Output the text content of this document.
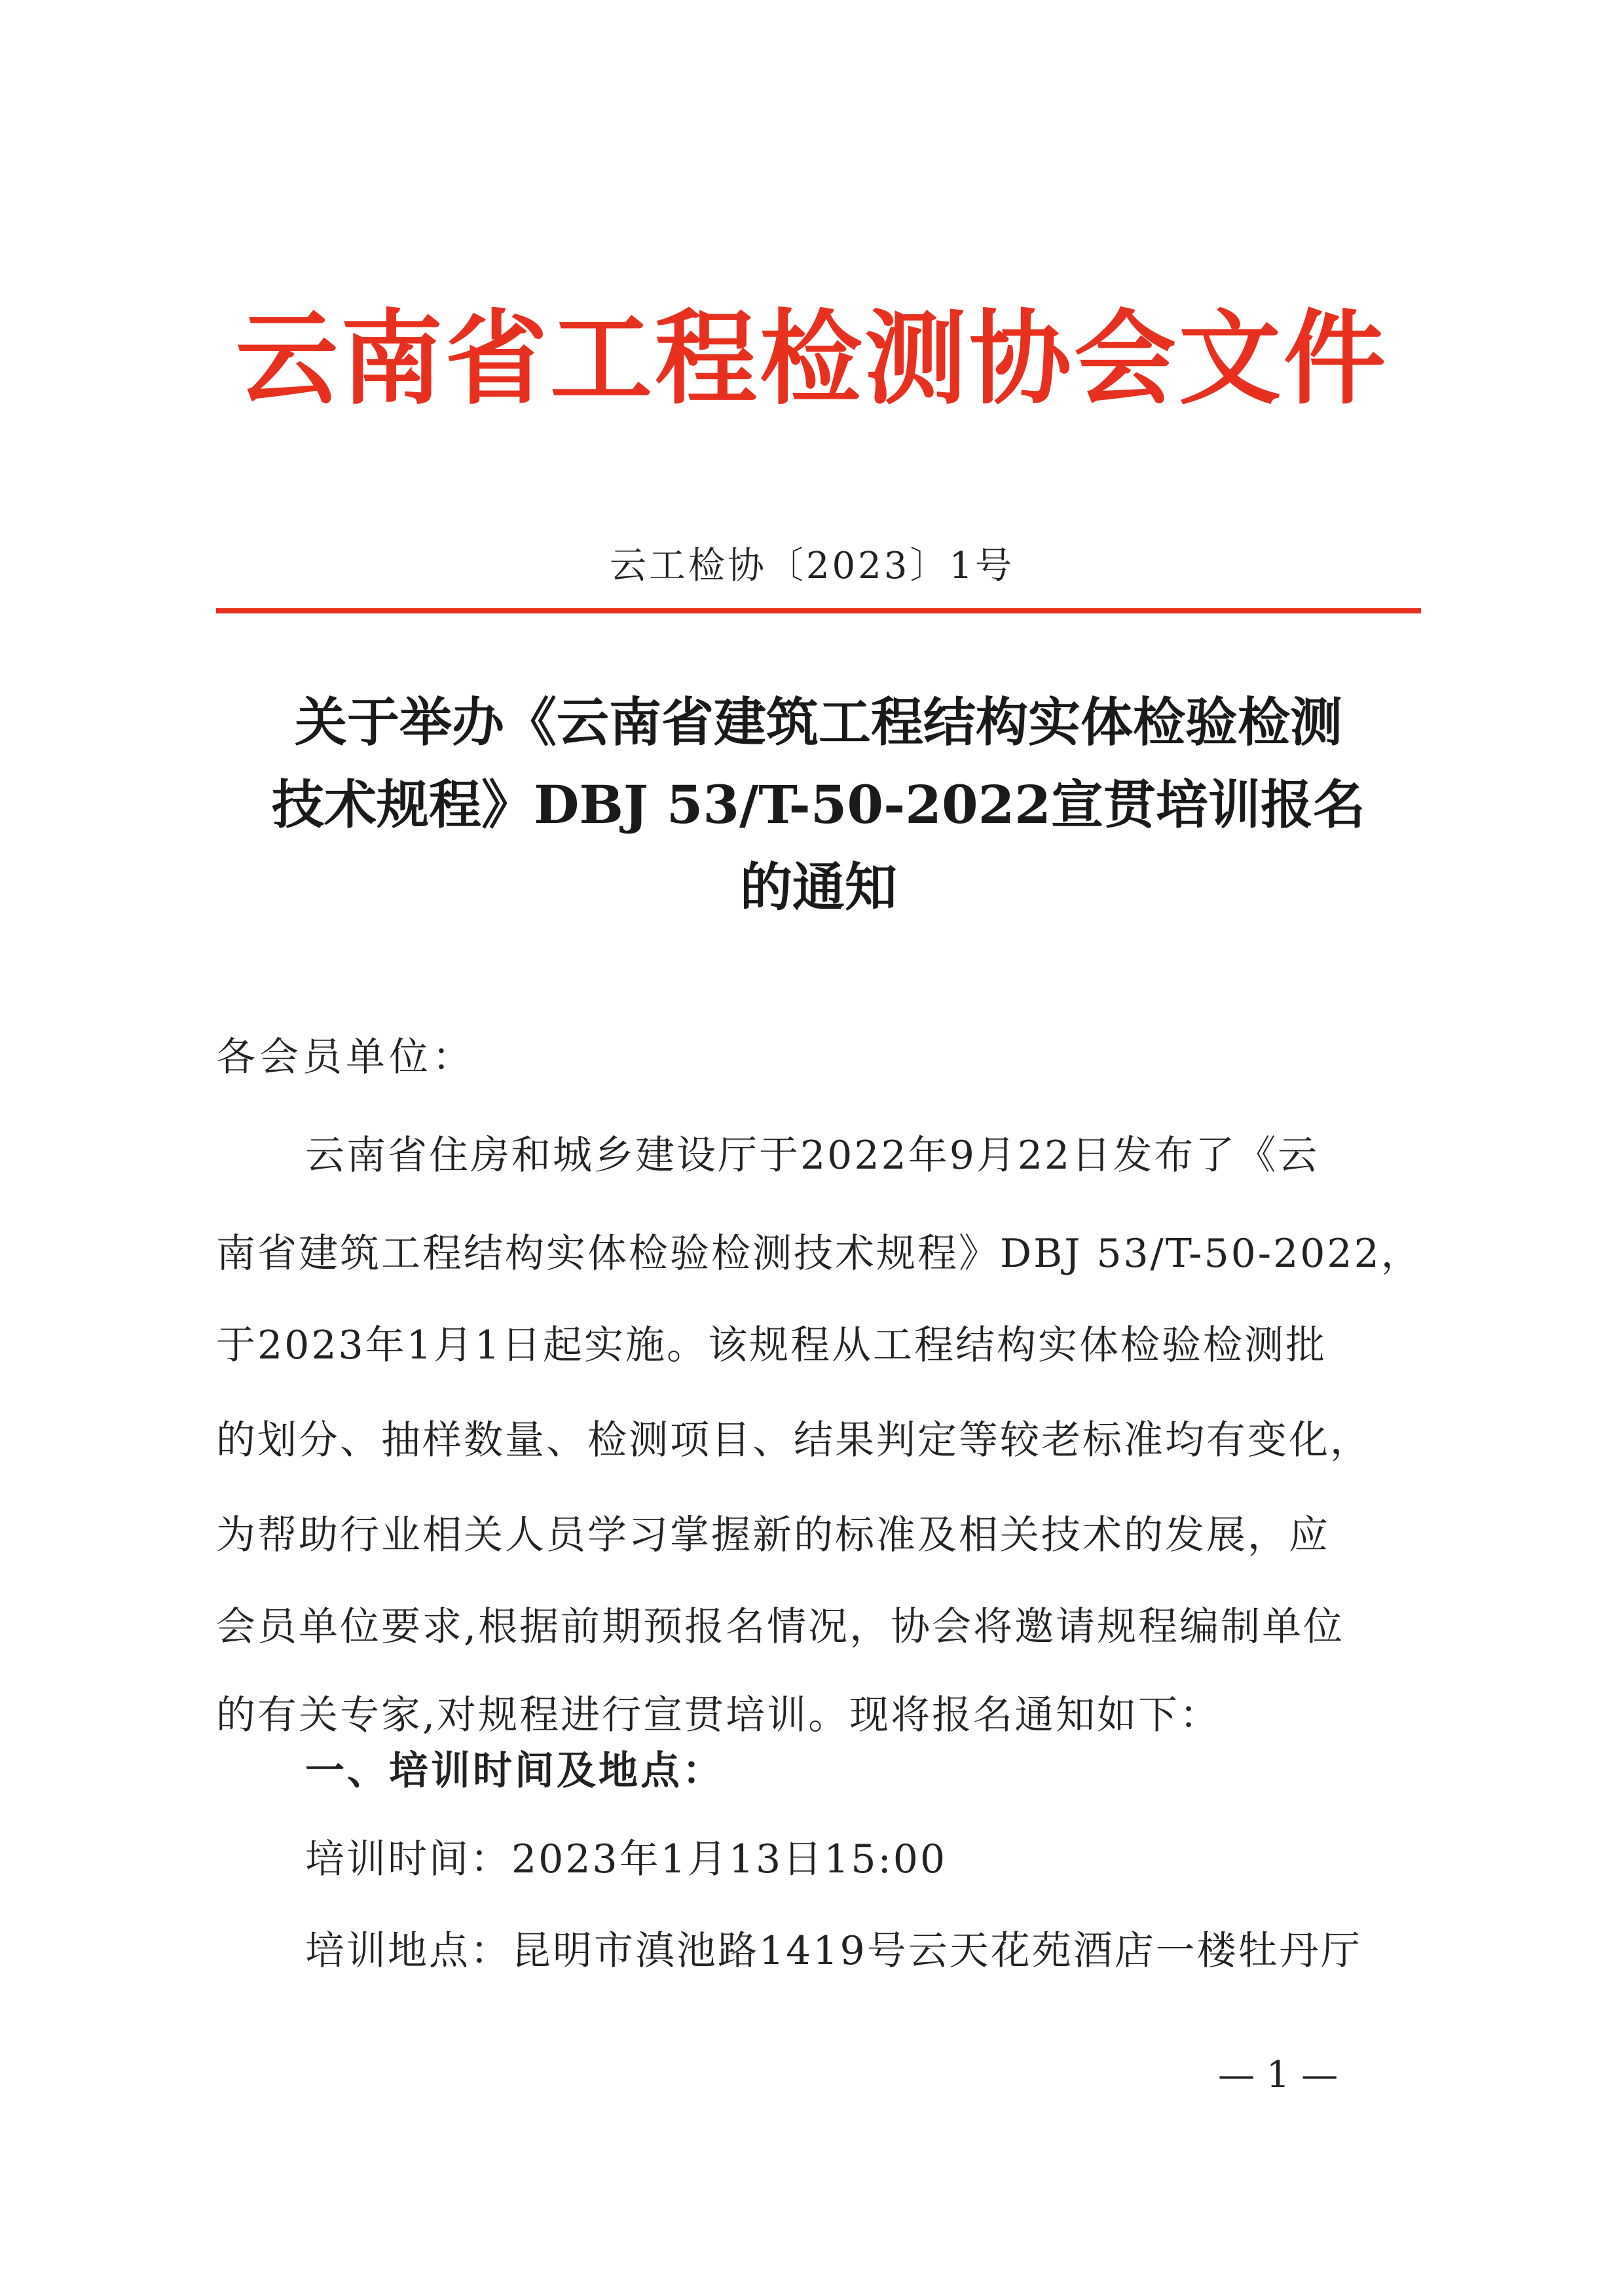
云南省工程检测协会文件
云工检协〔2023〕1号
关于举办《云南省建筑工程结构实体检验检测
技术规程》DBJ 53/T-50-2022宣贯培训报名
的通知
各会员单位：
云南省住房和城乡建设厅于2022年9月22日发布了《云
南省建筑工程结构实体检验检测技术规程》DBJ 53/T-50-2022，
于2023年1月1日起实施。该规程从工程结构实体检验检测批
的划分、抽样数量、检测项目、结果判定等较老标准均有变化，
为帮助行业相关人员学习掌握新的标准及相关技术的发展，应
会员单位要求,根据前期预报名情况，协会将邀请规程编制单位
的有关专家,对规程进行宣贯培训。现将报名通知如下：
一、培训时间及地点：
培训时间：2023年1月13日15:00
培训地点：昆明市滇池路1419号云天花苑酒店一楼牡丹厅
— 1 —
